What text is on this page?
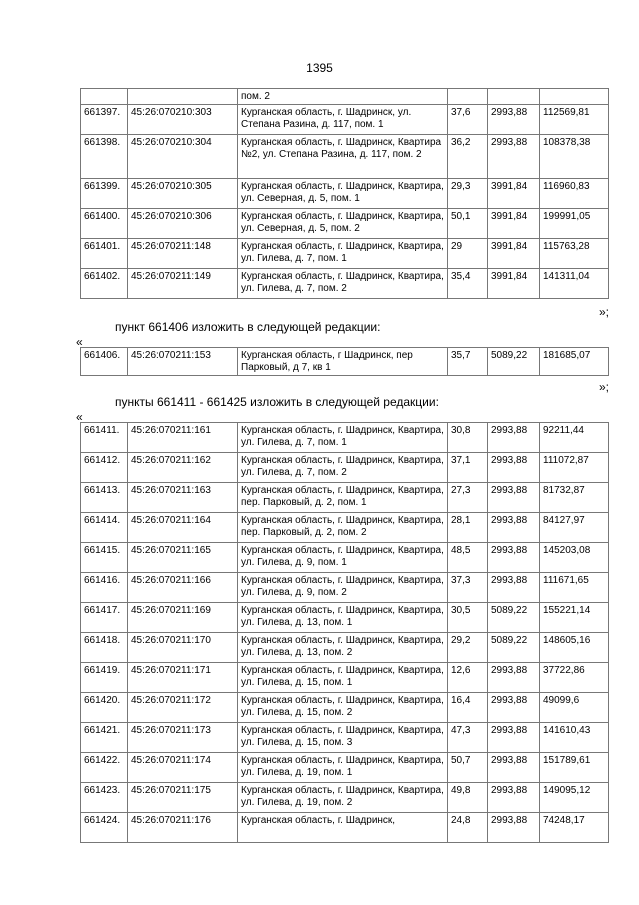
1395
		пом. 2			
661397.	45:26:070210:303	Курганская область, г. Шадринск, ул. Степана Разина, д. 117, пом. 1	37,6	2993,88	112569,81
661398.	45:26:070210:304	Курганская область, г. Шадринск, Квартира №2, ул. Степана Разина, д. 117, пом. 2	36,2	2993,88	108378,38
661399.	45:26:070210:305	Курганская область, г. Шадринск, Квартира, ул. Северная, д. 5, пом. 1	29,3	3991,84	116960,83
661400.	45:26:070210:306	Курганская область, г. Шадринск, Квартира, ул. Северная, д. 5, пом. 2	50,1	3991,84	199991,05
661401.	45:26:070211:148	Курганская область, г. Шадринск, Квартира, ул. Гилева, д. 7, пом. 1	29	3991,84	115763,28
661402.	45:26:070211:149	Курганская область, г. Шадринск, Квартира, ул. Гилева, д. 7, пом. 2	35,4	3991,84	141311,04
»;
пункт 661406 изложить в следующей редакции:
«
661406.	45:26:070211:153	Курганская область, г Шадринск, пер Парковый, д 7, кв 1	35,7	5089,22	181685,07
»;
пункты 661411 - 661425 изложить в следующей редакции:
«
661411.	45:26:070211:161	Курганская область, г. Шадринск, Квартира, ул. Гилева, д. 7, пом. 1	30,8	2993,88	92211,44
661412.	45:26:070211:162	Курганская область, г. Шадринск, Квартира, ул. Гилева, д. 7, пом. 2	37,1	2993,88	111072,87
661413.	45:26:070211:163	Курганская область, г. Шадринск, Квартира, пер. Парковый, д. 2, пом. 1	27,3	2993,88	81732,87
661414.	45:26:070211:164	Курганская область, г. Шадринск, Квартира, пер. Парковый, д. 2, пом. 2	28,1	2993,88	84127,97
661415.	45:26:070211:165	Курганская область, г. Шадринск, Квартира, ул. Гилева, д. 9, пом. 1	48,5	2993,88	145203,08
661416.	45:26:070211:166	Курганская область, г. Шадринск, Квартира, ул. Гилева, д. 9, пом. 2	37,3	2993,88	111671,65
661417.	45:26:070211:169	Курганская область, г. Шадринск, Квартира, ул. Гилева, д. 13, пом. 1	30,5	5089,22	155221,14
661418.	45:26:070211:170	Курганская область, г. Шадринск, Квартира, ул. Гилева, д. 13, пом. 2	29,2	5089,22	148605,16
661419.	45:26:070211:171	Курганская область, г. Шадринск, Квартира, ул. Гилева, д. 15, пом. 1	12,6	2993,88	37722,86
661420.	45:26:070211:172	Курганская область, г. Шадринск, Квартира, ул. Гилева, д. 15, пом. 2	16,4	2993,88	49099,6
661421.	45:26:070211:173	Курганская область, г. Шадринск, Квартира, ул. Гилева, д. 15, пом. 3	47,3	2993,88	141610,43
661422.	45:26:070211:174	Курганская область, г. Шадринск, Квартира, ул. Гилева, д. 19, пом. 1	50,7	2993,88	151789,61
661423.	45:26:070211:175	Курганская область, г. Шадринск, Квартира, ул. Гилева, д. 19, пом. 2	49,8	2993,88	149095,12
661424.	45:26:070211:176	Курганская область, г. Шадринск,	24,8	2993,88	74248,17
